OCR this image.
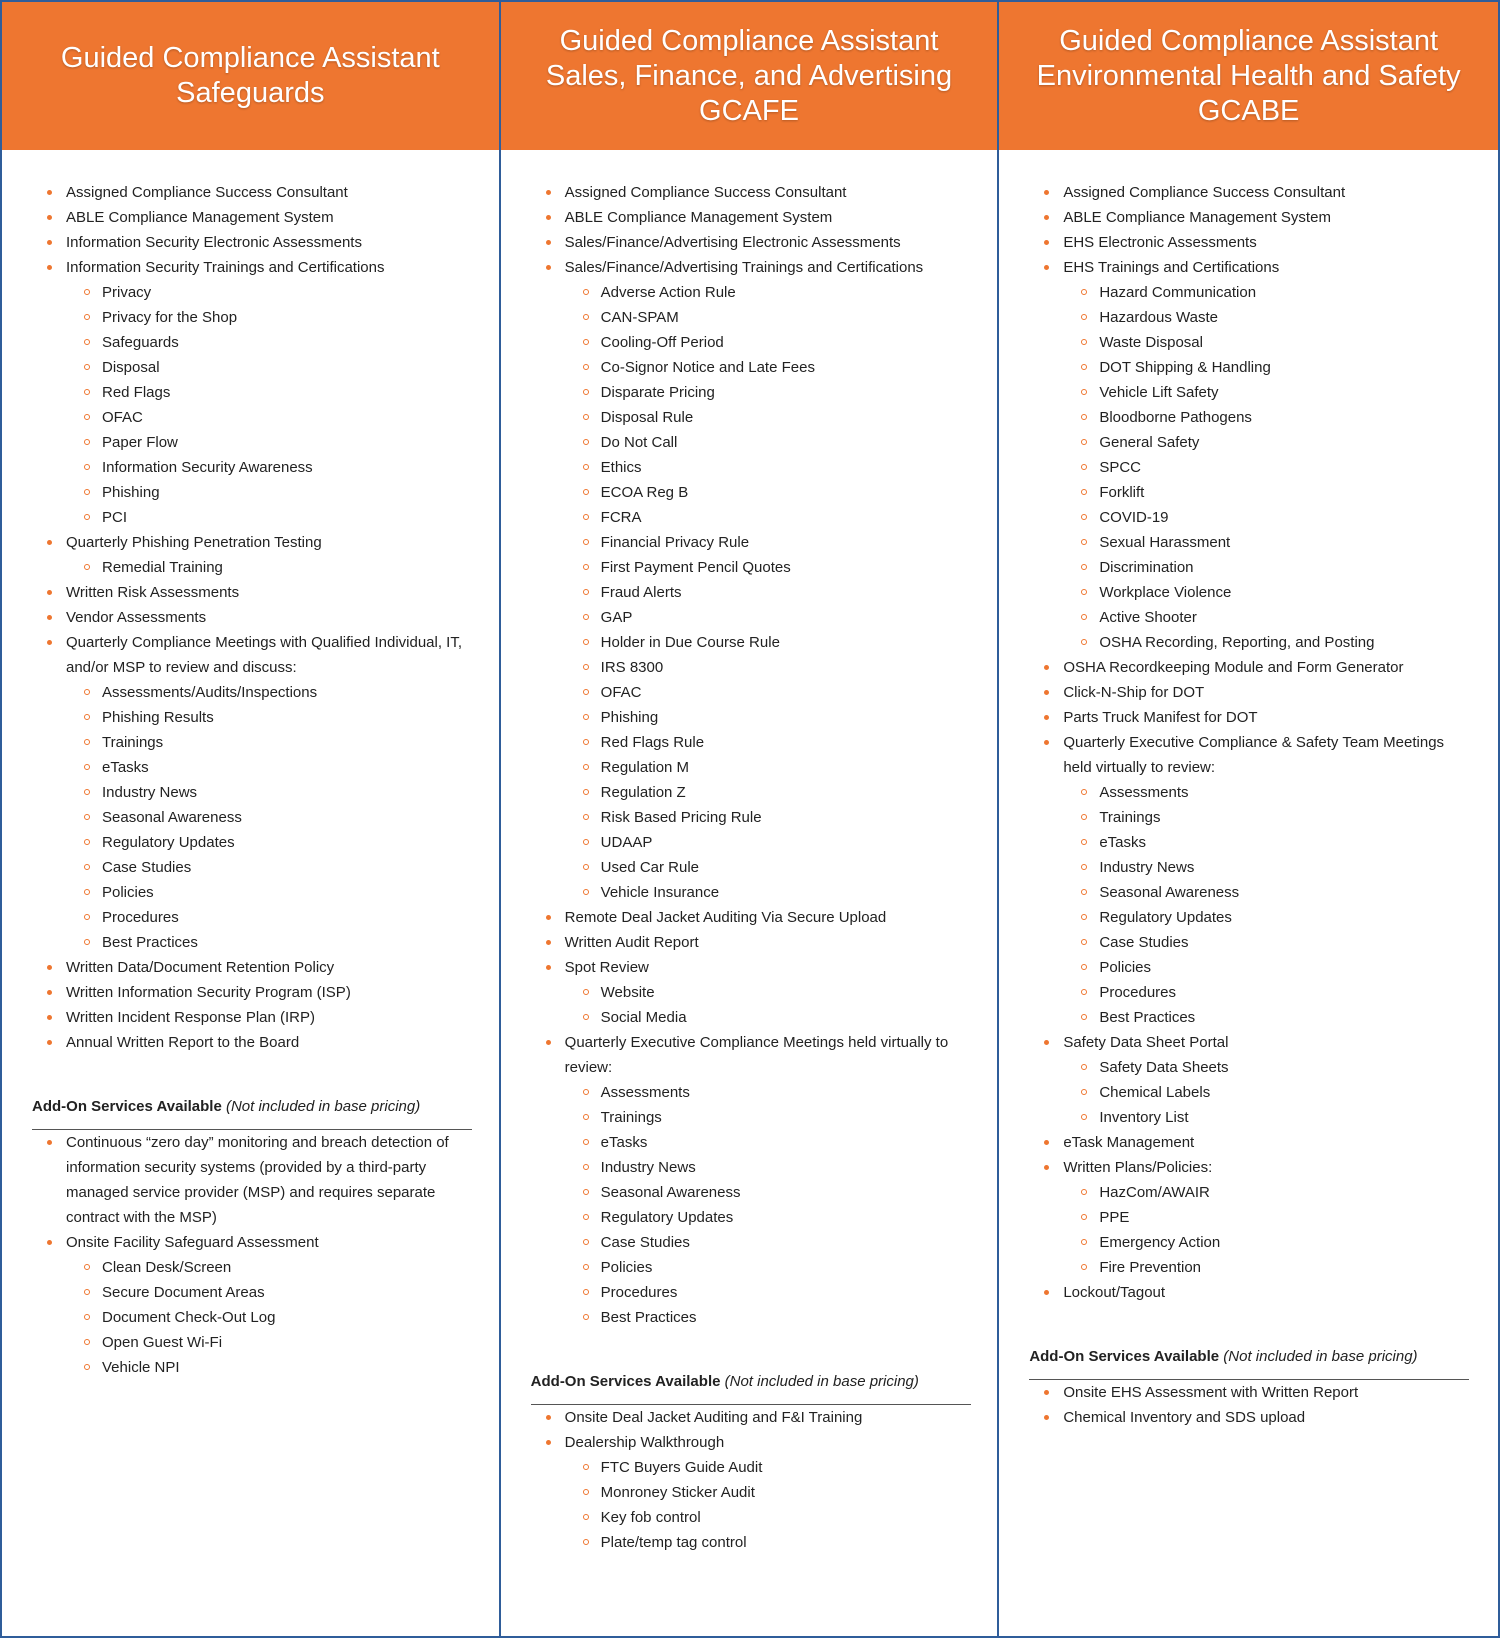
Guided Compliance Assistant
Safeguards
Assigned Compliance Success Consultant
ABLE Compliance Management System
Information Security Electronic Assessments
Information Security Trainings and Certifications
Privacy
Privacy for the Shop
Safeguards
Disposal
Red Flags
OFAC
Paper Flow
Information Security Awareness
Phishing
PCI
Quarterly Phishing Penetration Testing
Remedial Training
Written Risk Assessments
Vendor Assessments
Quarterly Compliance Meetings with Qualified Individual, IT, and/or MSP to review and discuss:
Assessments/Audits/Inspections
Phishing Results
Trainings
eTasks
Industry News
Seasonal Awareness
Regulatory Updates
Case Studies
Policies
Procedures
Best Practices
Written Data/Document Retention Policy
Written Information Security Program (ISP)
Written Incident Response Plan (IRP)
Annual Written Report to the Board
Add-On Services Available (Not included in base pricing)
Continuous “zero day” monitoring and breach detection of information security systems (provided by a third-party managed service provider (MSP) and requires separate contract with the MSP)
Onsite Facility Safeguard Assessment
Clean Desk/Screen
Secure Document Areas
Document Check-Out Log
Open Guest Wi-Fi
Vehicle NPI
Guided Compliance Assistant
Sales, Finance, and Advertising
GCAFE
Assigned Compliance Success Consultant
ABLE Compliance Management System
Sales/Finance/Advertising Electronic Assessments
Sales/Finance/Advertising Trainings and Certifications
Adverse Action Rule
CAN-SPAM
Cooling-Off Period
Co-Signor Notice and Late Fees
Disparate Pricing
Disposal Rule
Do Not Call
Ethics
ECOA Reg B
FCRA
Financial Privacy Rule
First Payment Pencil Quotes
Fraud Alerts
GAP
Holder in Due Course Rule
IRS 8300
OFAC
Phishing
Red Flags Rule
Regulation M
Regulation Z
Risk Based Pricing Rule
UDAAP
Used Car Rule
Vehicle Insurance
Remote Deal Jacket Auditing Via Secure Upload
Written Audit Report
Spot Review
Website
Social Media
Quarterly Executive Compliance Meetings held virtually to review:
Assessments
Trainings
eTasks
Industry News
Seasonal Awareness
Regulatory Updates
Case Studies
Policies
Procedures
Best Practices
Add-On Services Available (Not included in base pricing)
Onsite Deal Jacket Auditing and F&I Training
Dealership Walkthrough
FTC Buyers Guide Audit
Monroney Sticker Audit
Key fob control
Plate/temp tag control
Guided Compliance Assistant
Environmental Health and Safety
GCABE
Assigned Compliance Success Consultant
ABLE Compliance Management System
EHS Electronic Assessments
EHS Trainings and Certifications
Hazard Communication
Hazardous Waste
Waste Disposal
DOT Shipping & Handling
Vehicle Lift Safety
Bloodborne Pathogens
General Safety
SPCC
Forklift
COVID-19
Sexual Harassment
Discrimination
Workplace Violence
Active Shooter
OSHA Recording, Reporting, and Posting
OSHA Recordkeeping Module and Form Generator
Click-N-Ship for DOT
Parts Truck Manifest for DOT
Quarterly Executive Compliance & Safety Team Meetings held virtually to review:
Assessments
Trainings
eTasks
Industry News
Seasonal Awareness
Regulatory Updates
Case Studies
Policies
Procedures
Best Practices
Safety Data Sheet Portal
Safety Data Sheets
Chemical Labels
Inventory List
eTask Management
Written Plans/Policies:
HazCom/AWAIR
PPE
Emergency Action
Fire Prevention
Lockout/Tagout
Add-On Services Available (Not included in base pricing)
Onsite EHS Assessment with Written Report
Chemical Inventory and SDS upload
